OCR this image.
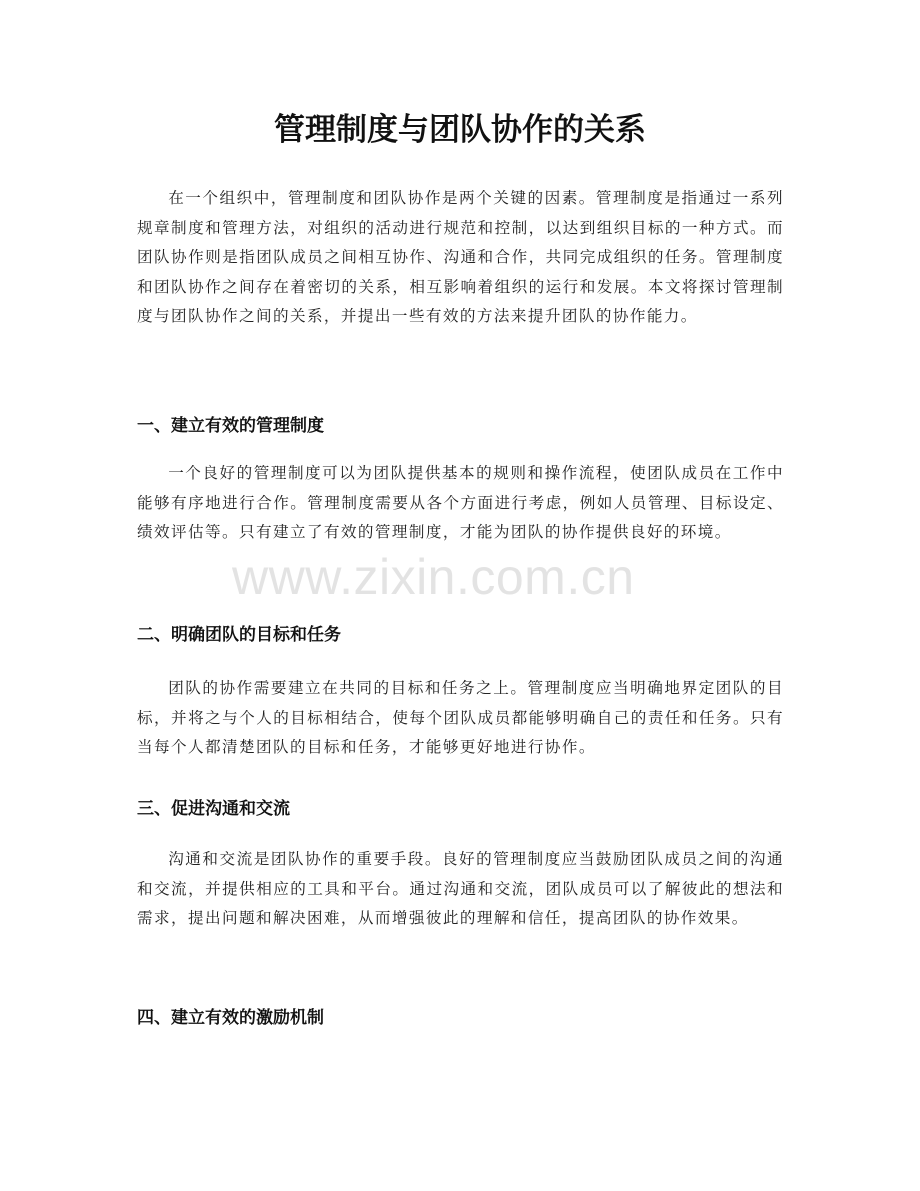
管理制度与团队协作的关系

在一个组织中，管理制度和团队协作是两个关键的因素。管理制度是指通过一系列规章制度和管理方法，对组织的活动进行规范和控制，以达到组织目标的一种方式。而团队协作则是指团队成员之间相互协作、沟通和合作，共同完成组织的任务。管理制度和团队协作之间存在着密切的关系，相互影响着组织的运行和发展。本文将探讨管理制度与团队协作之间的关系，并提出一些有效的方法来提升团队的协作能力。

一、建立有效的管理制度

一个良好的管理制度可以为团队提供基本的规则和操作流程，使团队成员在工作中能够有序地进行合作。管理制度需要从各个方面进行考虑，例如人员管理、目标设定、绩效评估等。只有建立了有效的管理制度，才能为团队的协作提供良好的环境。

二、明确团队的目标和任务

团队的协作需要建立在共同的目标和任务之上。管理制度应当明确地界定团队的目标，并将之与个人的目标相结合，使每个团队成员都能够明确自己的责任和任务。只有当每个人都清楚团队的目标和任务，才能够更好地进行协作。

三、促进沟通和交流

沟通和交流是团队协作的重要手段。良好的管理制度应当鼓励团队成员之间的沟通和交流，并提供相应的工具和平台。通过沟通和交流，团队成员可以了解彼此的想法和需求，提出问题和解决困难，从而增强彼此的理解和信任，提高团队的协作效果。

四、建立有效的激励机制
www.zixin.com.cn
